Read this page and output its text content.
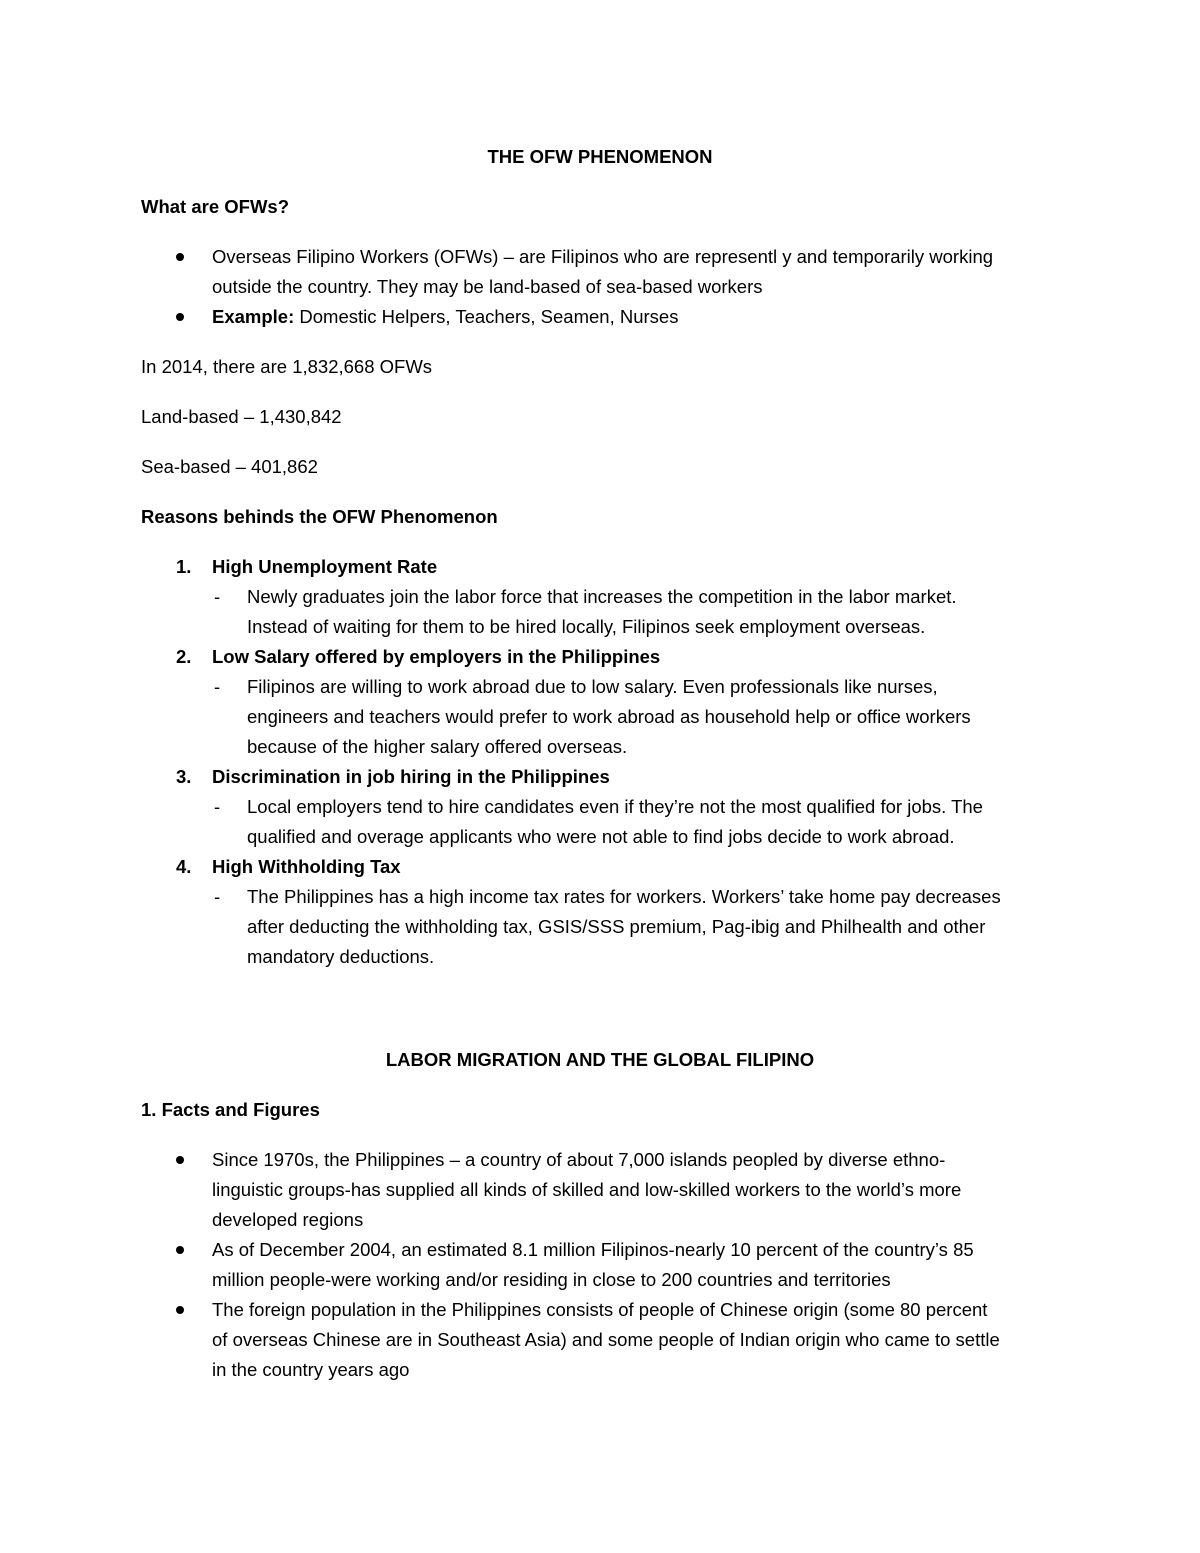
THE OFW PHENOMENON
What are OFWs?
Overseas Filipino Workers (OFWs) – are Filipinos who are representl y and temporarily working
outside the country. They may be land-based of sea-based workers
Example: Domestic Helpers, Teachers, Seamen, Nurses
In 2014, there are 1,832,668 OFWs
Land-based – 1,430,842
Sea-based – 401,862
Reasons behinds the OFW Phenomenon
1. High Unemployment Rate
- Newly graduates join the labor force that increases the competition in the labor market.
Instead of waiting for them to be hired locally, Filipinos seek employment overseas.
2. Low Salary offered by employers in the Philippines
- Filipinos are willing to work abroad due to low salary. Even professionals like nurses,
engineers and teachers would prefer to work abroad as household help or office workers
because of the higher salary offered overseas.
3. Discrimination in job hiring in the Philippines
- Local employers tend to hire candidates even if they’re not the most qualified for jobs. The
qualified and overage applicants who were not able to find jobs decide to work abroad.
4. High Withholding Tax
- The Philippines has a high income tax rates for workers. Workers’ take home pay decreases
after deducting the withholding tax, GSIS/SSS premium, Pag-ibig and Philhealth and other
mandatory deductions.
LABOR MIGRATION AND THE GLOBAL FILIPINO
1. Facts and Figures
Since 1970s, the Philippines – a country of about 7,000 islands peopled by diverse ethno-
linguistic groups-has supplied all kinds of skilled and low-skilled workers to the world’s more
developed regions
As of December 2004, an estimated 8.1 million Filipinos-nearly 10 percent of the country’s 85
million people-were working and/or residing in close to 200 countries and territories
The foreign population in the Philippines consists of people of Chinese origin (some 80 percent
of overseas Chinese are in Southeast Asia) and some people of Indian origin who came to settle
in the country years ago
